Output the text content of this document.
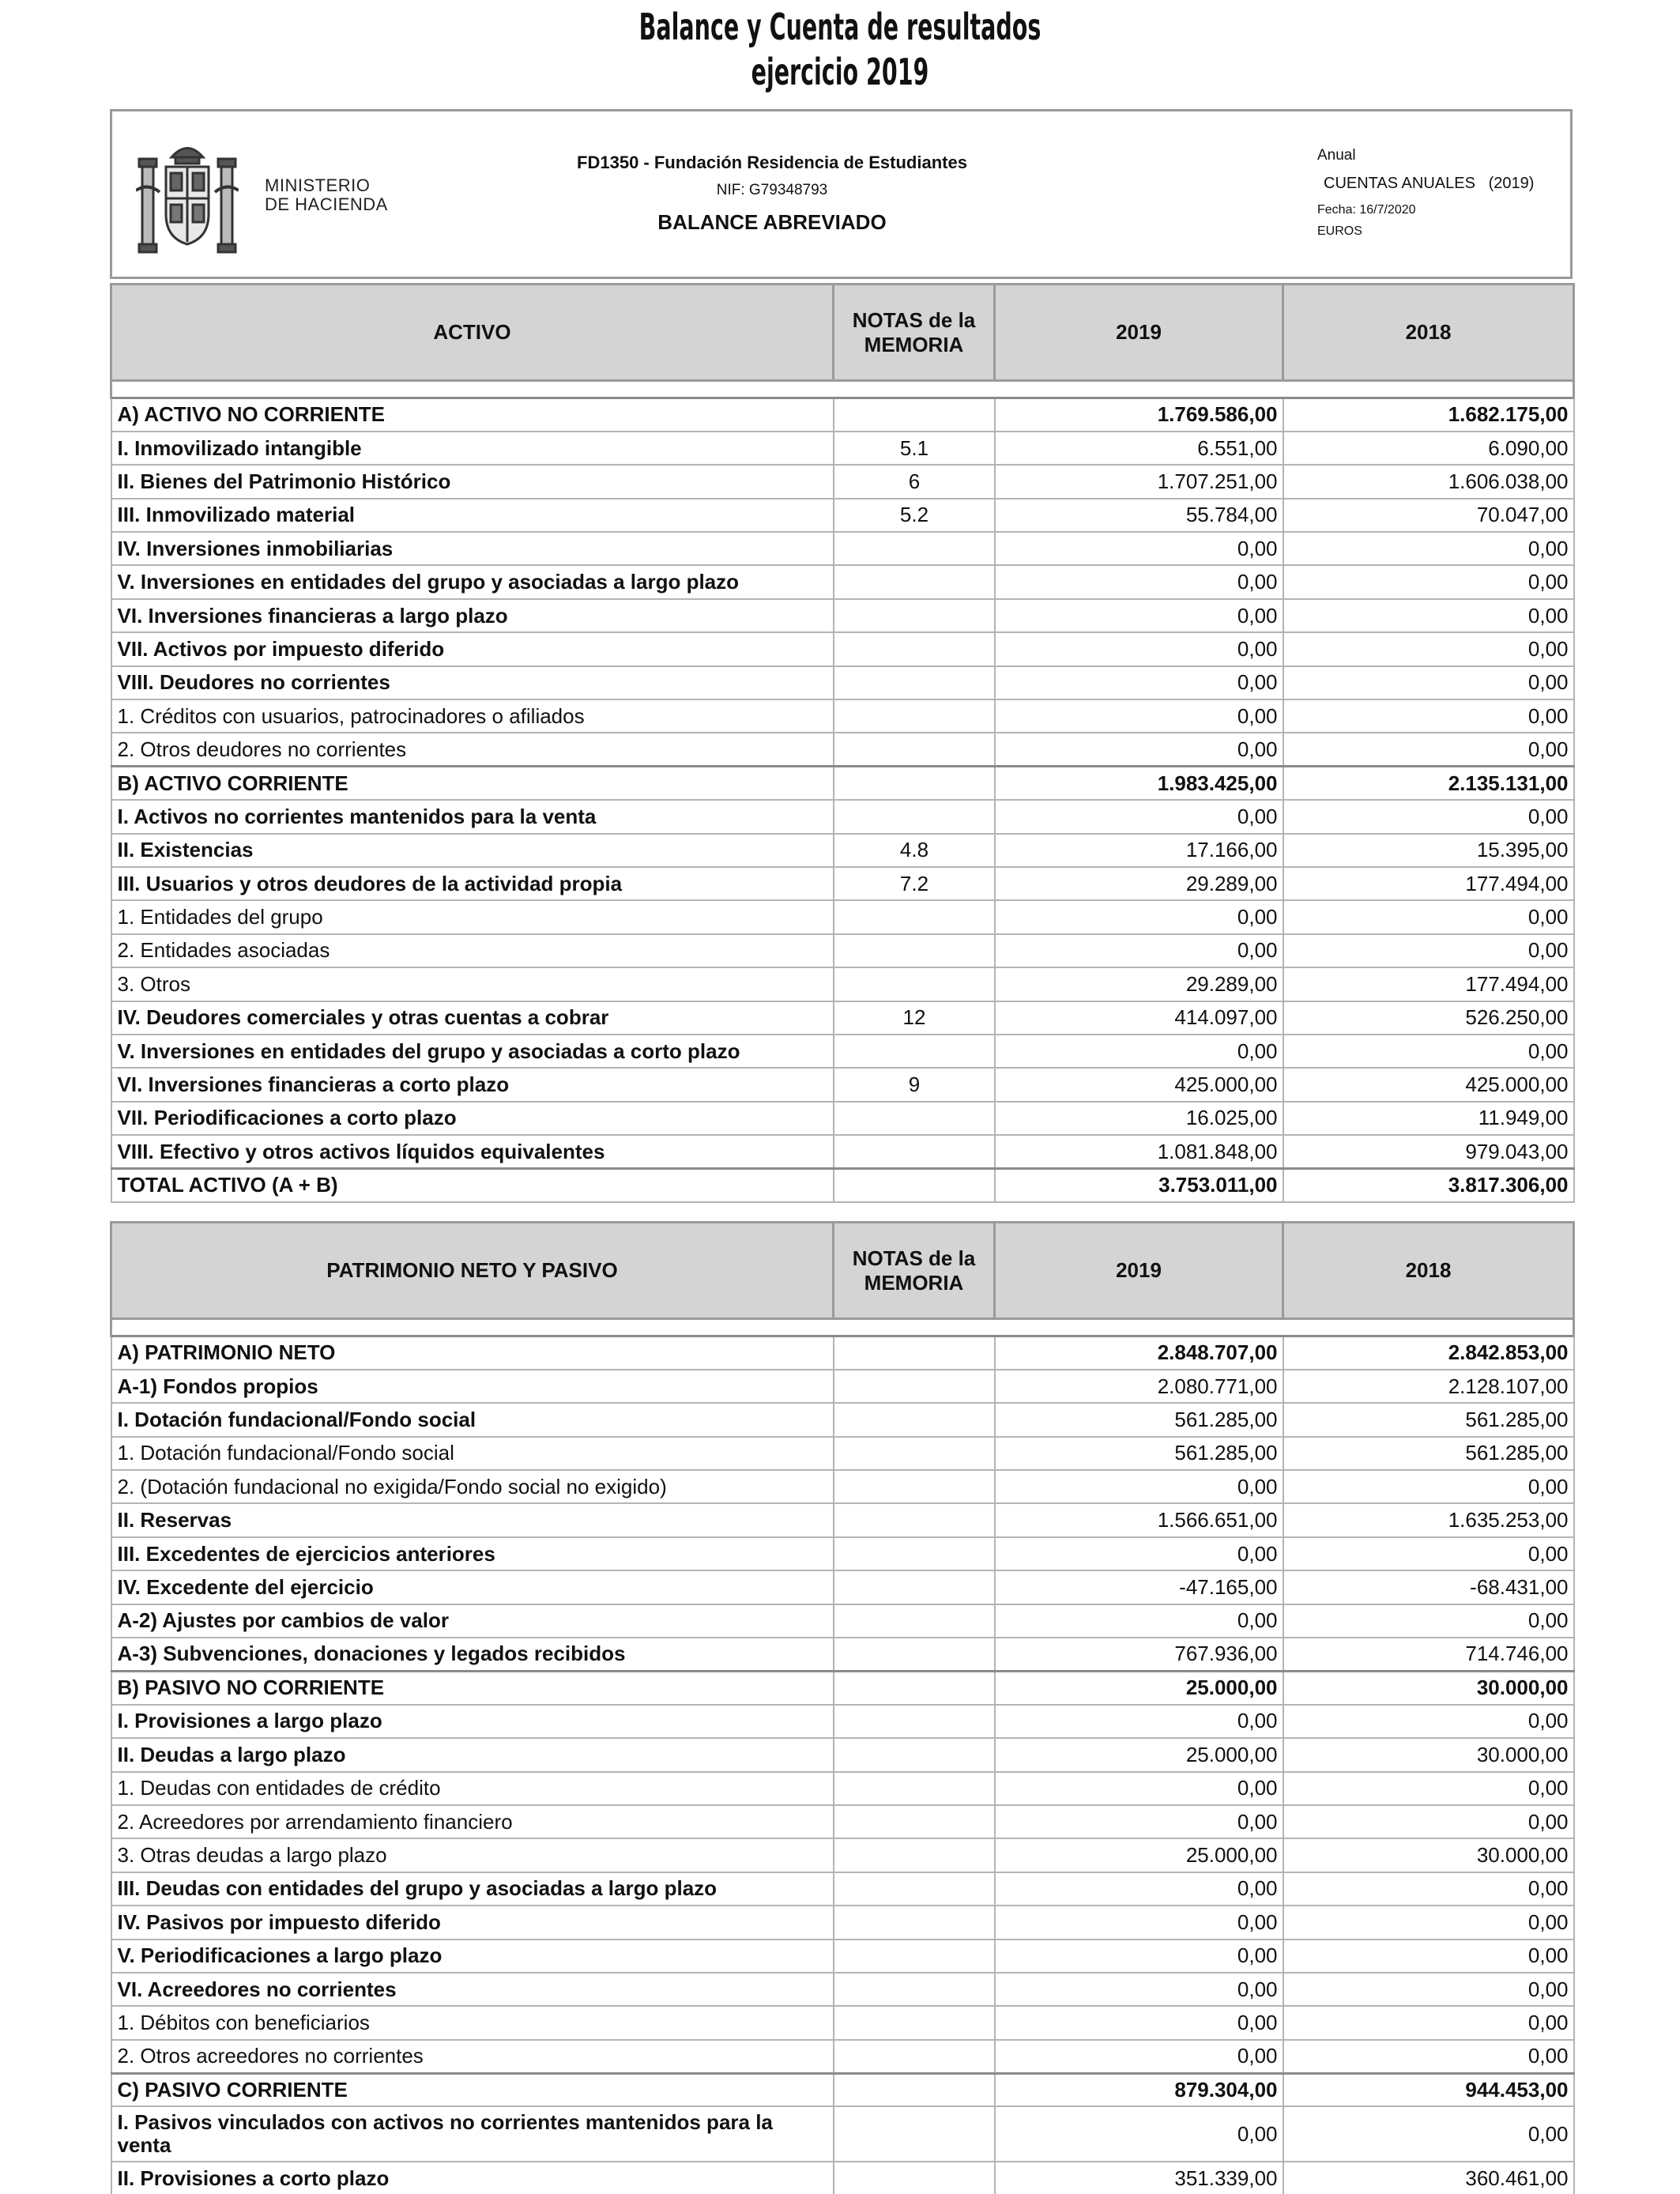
Balance y Cuenta de resultados
ejercicio 2019
MINISTERIO
DE HACIENDA
FD1350 - Fundación Residencia de Estudiantes
NIF: G79348793
BALANCE ABREVIADO
Anual
CUENTAS ANUALES   (2019)
Fecha: 16/7/2020
EUROS
ACTIVO	NOTAS de la MEMORIA	2019	2018

A) ACTIVO NO CORRIENTE		1.769.586,00	1.682.175,00
I. Inmovilizado intangible	5.1	6.551,00	6.090,00
II. Bienes del Patrimonio Histórico	6	1.707.251,00	1.606.038,00
III. Inmovilizado material	5.2	55.784,00	70.047,00
IV. Inversiones inmobiliarias		0,00	0,00
V. Inversiones en entidades del grupo y asociadas a largo plazo		0,00	0,00
VI. Inversiones financieras a largo plazo		0,00	0,00
VII. Activos por impuesto diferido		0,00	0,00
VIII. Deudores no corrientes		0,00	0,00
1. Créditos con usuarios, patrocinadores o afiliados		0,00	0,00
2. Otros deudores no corrientes		0,00	0,00
B) ACTIVO CORRIENTE		1.983.425,00	2.135.131,00
I. Activos no corrientes mantenidos para la venta		0,00	0,00
II. Existencias	4.8	17.166,00	15.395,00
III. Usuarios y otros deudores de la actividad propia	7.2	29.289,00	177.494,00
1. Entidades del grupo		0,00	0,00
2. Entidades asociadas		0,00	0,00
3. Otros		29.289,00	177.494,00
IV. Deudores comerciales y otras cuentas a cobrar	12	414.097,00	526.250,00
V. Inversiones en entidades del grupo y asociadas a corto plazo		0,00	0,00
VI. Inversiones financieras a corto plazo	9	425.000,00	425.000,00
VII. Periodificaciones a corto plazo		16.025,00	11.949,00
VIII. Efectivo y otros activos líquidos equivalentes		1.081.848,00	979.043,00
TOTAL ACTIVO (A + B)		3.753.011,00	3.817.306,00
PATRIMONIO NETO Y PASIVO	NOTAS de la MEMORIA	2019	2018

A) PATRIMONIO NETO		2.848.707,00	2.842.853,00
A-1) Fondos propios		2.080.771,00	2.128.107,00
I. Dotación fundacional/Fondo social		561.285,00	561.285,00
1. Dotación fundacional/Fondo social		561.285,00	561.285,00
2. (Dotación fundacional no exigida/Fondo social no exigido)		0,00	0,00
II. Reservas		1.566.651,00	1.635.253,00
III. Excedentes de ejercicios anteriores		0,00	0,00
IV. Excedente del ejercicio		-47.165,00	-68.431,00
A-2) Ajustes por cambios de valor		0,00	0,00
A-3) Subvenciones, donaciones y legados recibidos		767.936,00	714.746,00
B) PASIVO NO CORRIENTE		25.000,00	30.000,00
I. Provisiones a largo plazo		0,00	0,00
II. Deudas a largo plazo		25.000,00	30.000,00
1. Deudas con entidades de crédito		0,00	0,00
2. Acreedores por arrendamiento financiero		0,00	0,00
3. Otras deudas a largo plazo		25.000,00	30.000,00
III. Deudas con entidades del grupo y asociadas a largo plazo		0,00	0,00
IV. Pasivos por impuesto diferido		0,00	0,00
V. Periodificaciones a largo plazo		0,00	0,00
VI. Acreedores no corrientes		0,00	0,00
1. Débitos con beneficiarios		0,00	0,00
2. Otros acreedores no corrientes		0,00	0,00
C) PASIVO CORRIENTE		879.304,00	944.453,00
I. Pasivos vinculados con activos no corrientes mantenidos para la venta		0,00	0,00
II. Provisiones a corto plazo		351.339,00	360.461,00
